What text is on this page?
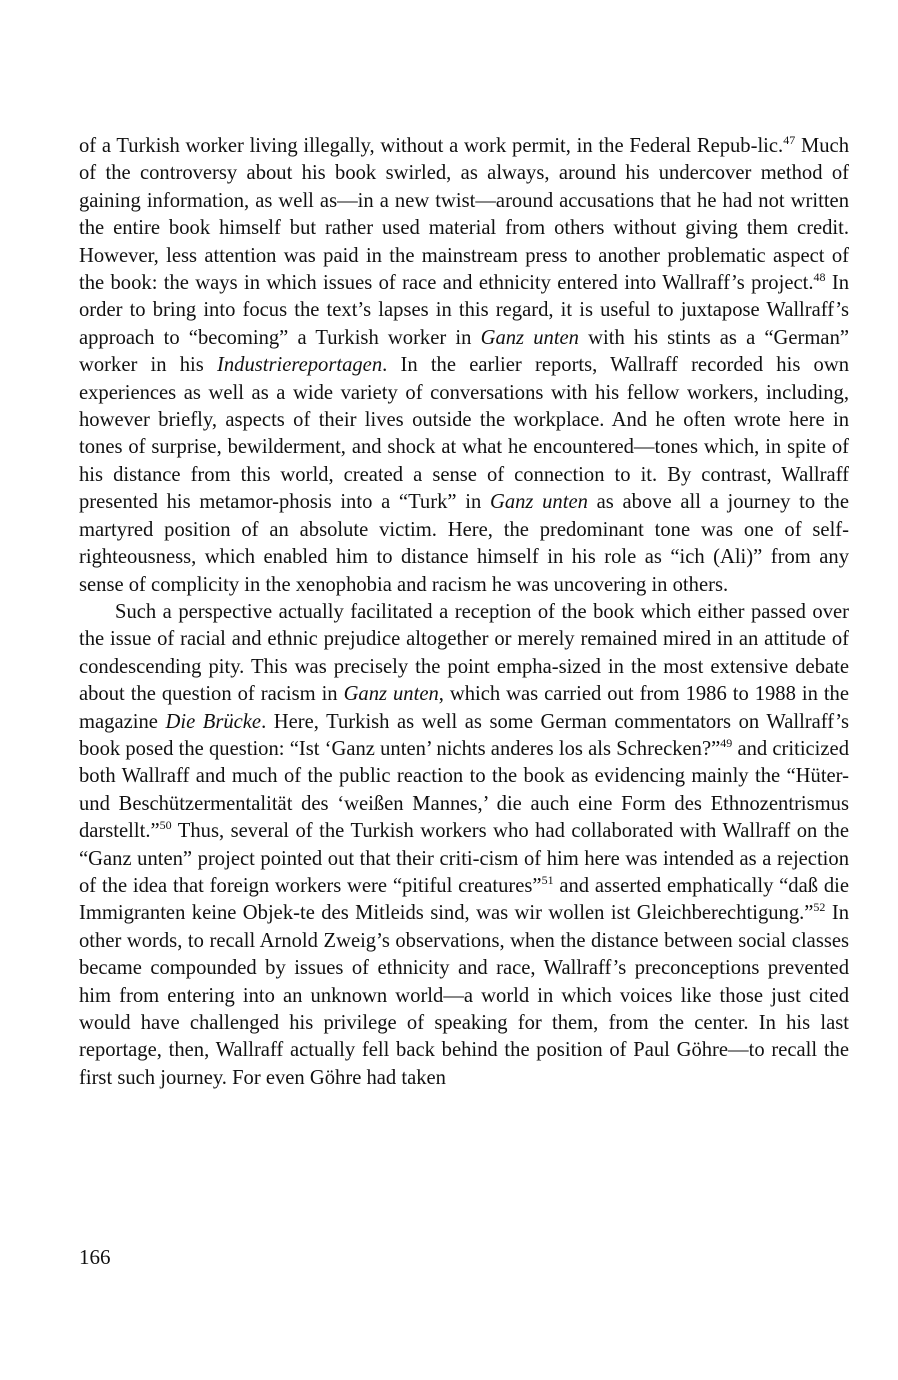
of a Turkish worker living illegally, without a work permit, in the Federal Repub-lic.$^{47}$ Much of the controversy about his book swirled, as always, around his undercover method of gaining information, as well as—in a new twist—around accusations that he had not written the entire book himself but rather used material from others without giving them credit. However, less attention was paid in the mainstream press to another problematic aspect of the book: the ways in which issues of race and ethnicity entered into Wallraff’s project.$^{48}$ In order to bring into focus the text’s lapses in this regard, it is useful to juxtapose Wallraff’s approach to “becoming” a Turkish worker in Ganz unten with his stints as a “German” worker in his Industriereportagen. In the earlier reports, Wallraff recorded his own experiences as well as a wide variety of conversations with his fellow workers, including, however briefly, aspects of their lives outside the workplace. And he often wrote here in tones of surprise, bewilderment, and shock at what he encountered—tones which, in spite of his distance from this world, created a sense of connection to it. By contrast, Wallraff presented his metamor-phosis into a “Turk” in Ganz unten as above all a journey to the martyred position of an absolute victim. Here, the predominant tone was one of self-righteousness, which enabled him to distance himself in his role as “ich (Ali)” from any sense of complicity in the xenophobia and racism he was uncovering in others.

Such a perspective actually facilitated a reception of the book which either passed over the issue of racial and ethnic prejudice altogether or merely remained mired in an attitude of condescending pity. This was precisely the point empha-sized in the most extensive debate about the question of racism in Ganz unten, which was carried out from 1986 to 1988 in the magazine Die Brücke. Here, Turkish as well as some German commentators on Wallraff’s book posed the question: “Ist ‘Ganz unten’ nichts anderes los als Schrecken?”$^{49}$ and criticized both Wallraff and much of the public reaction to the book as evidencing mainly the “Hüter- und Beschützermentalität des ‘weißen Mannes,’ die auch eine Form des Ethnozentrismus darstellt.”$^{50}$ Thus, several of the Turkish workers who had collaborated with Wallraff on the “Ganz unten” project pointed out that their criti-cism of him here was intended as a rejection of the idea that foreign workers were “pitiful creatures”$^{51}$ and asserted emphatically “daß die Immigranten keine Objek-te des Mitleids sind, was wir wollen ist Gleichberechtigung.”$^{52}$ In other words, to recall Arnold Zweig’s observations, when the distance between social classes became compounded by issues of ethnicity and race, Wallraff’s preconceptions prevented him from entering into an unknown world—a world in which voices like those just cited would have challenged his privilege of speaking for them, from the center. In his last reportage, then, Wallraff actually fell back behind the position of Paul Göhre—to recall the first such journey. For even Göhre had taken

166
